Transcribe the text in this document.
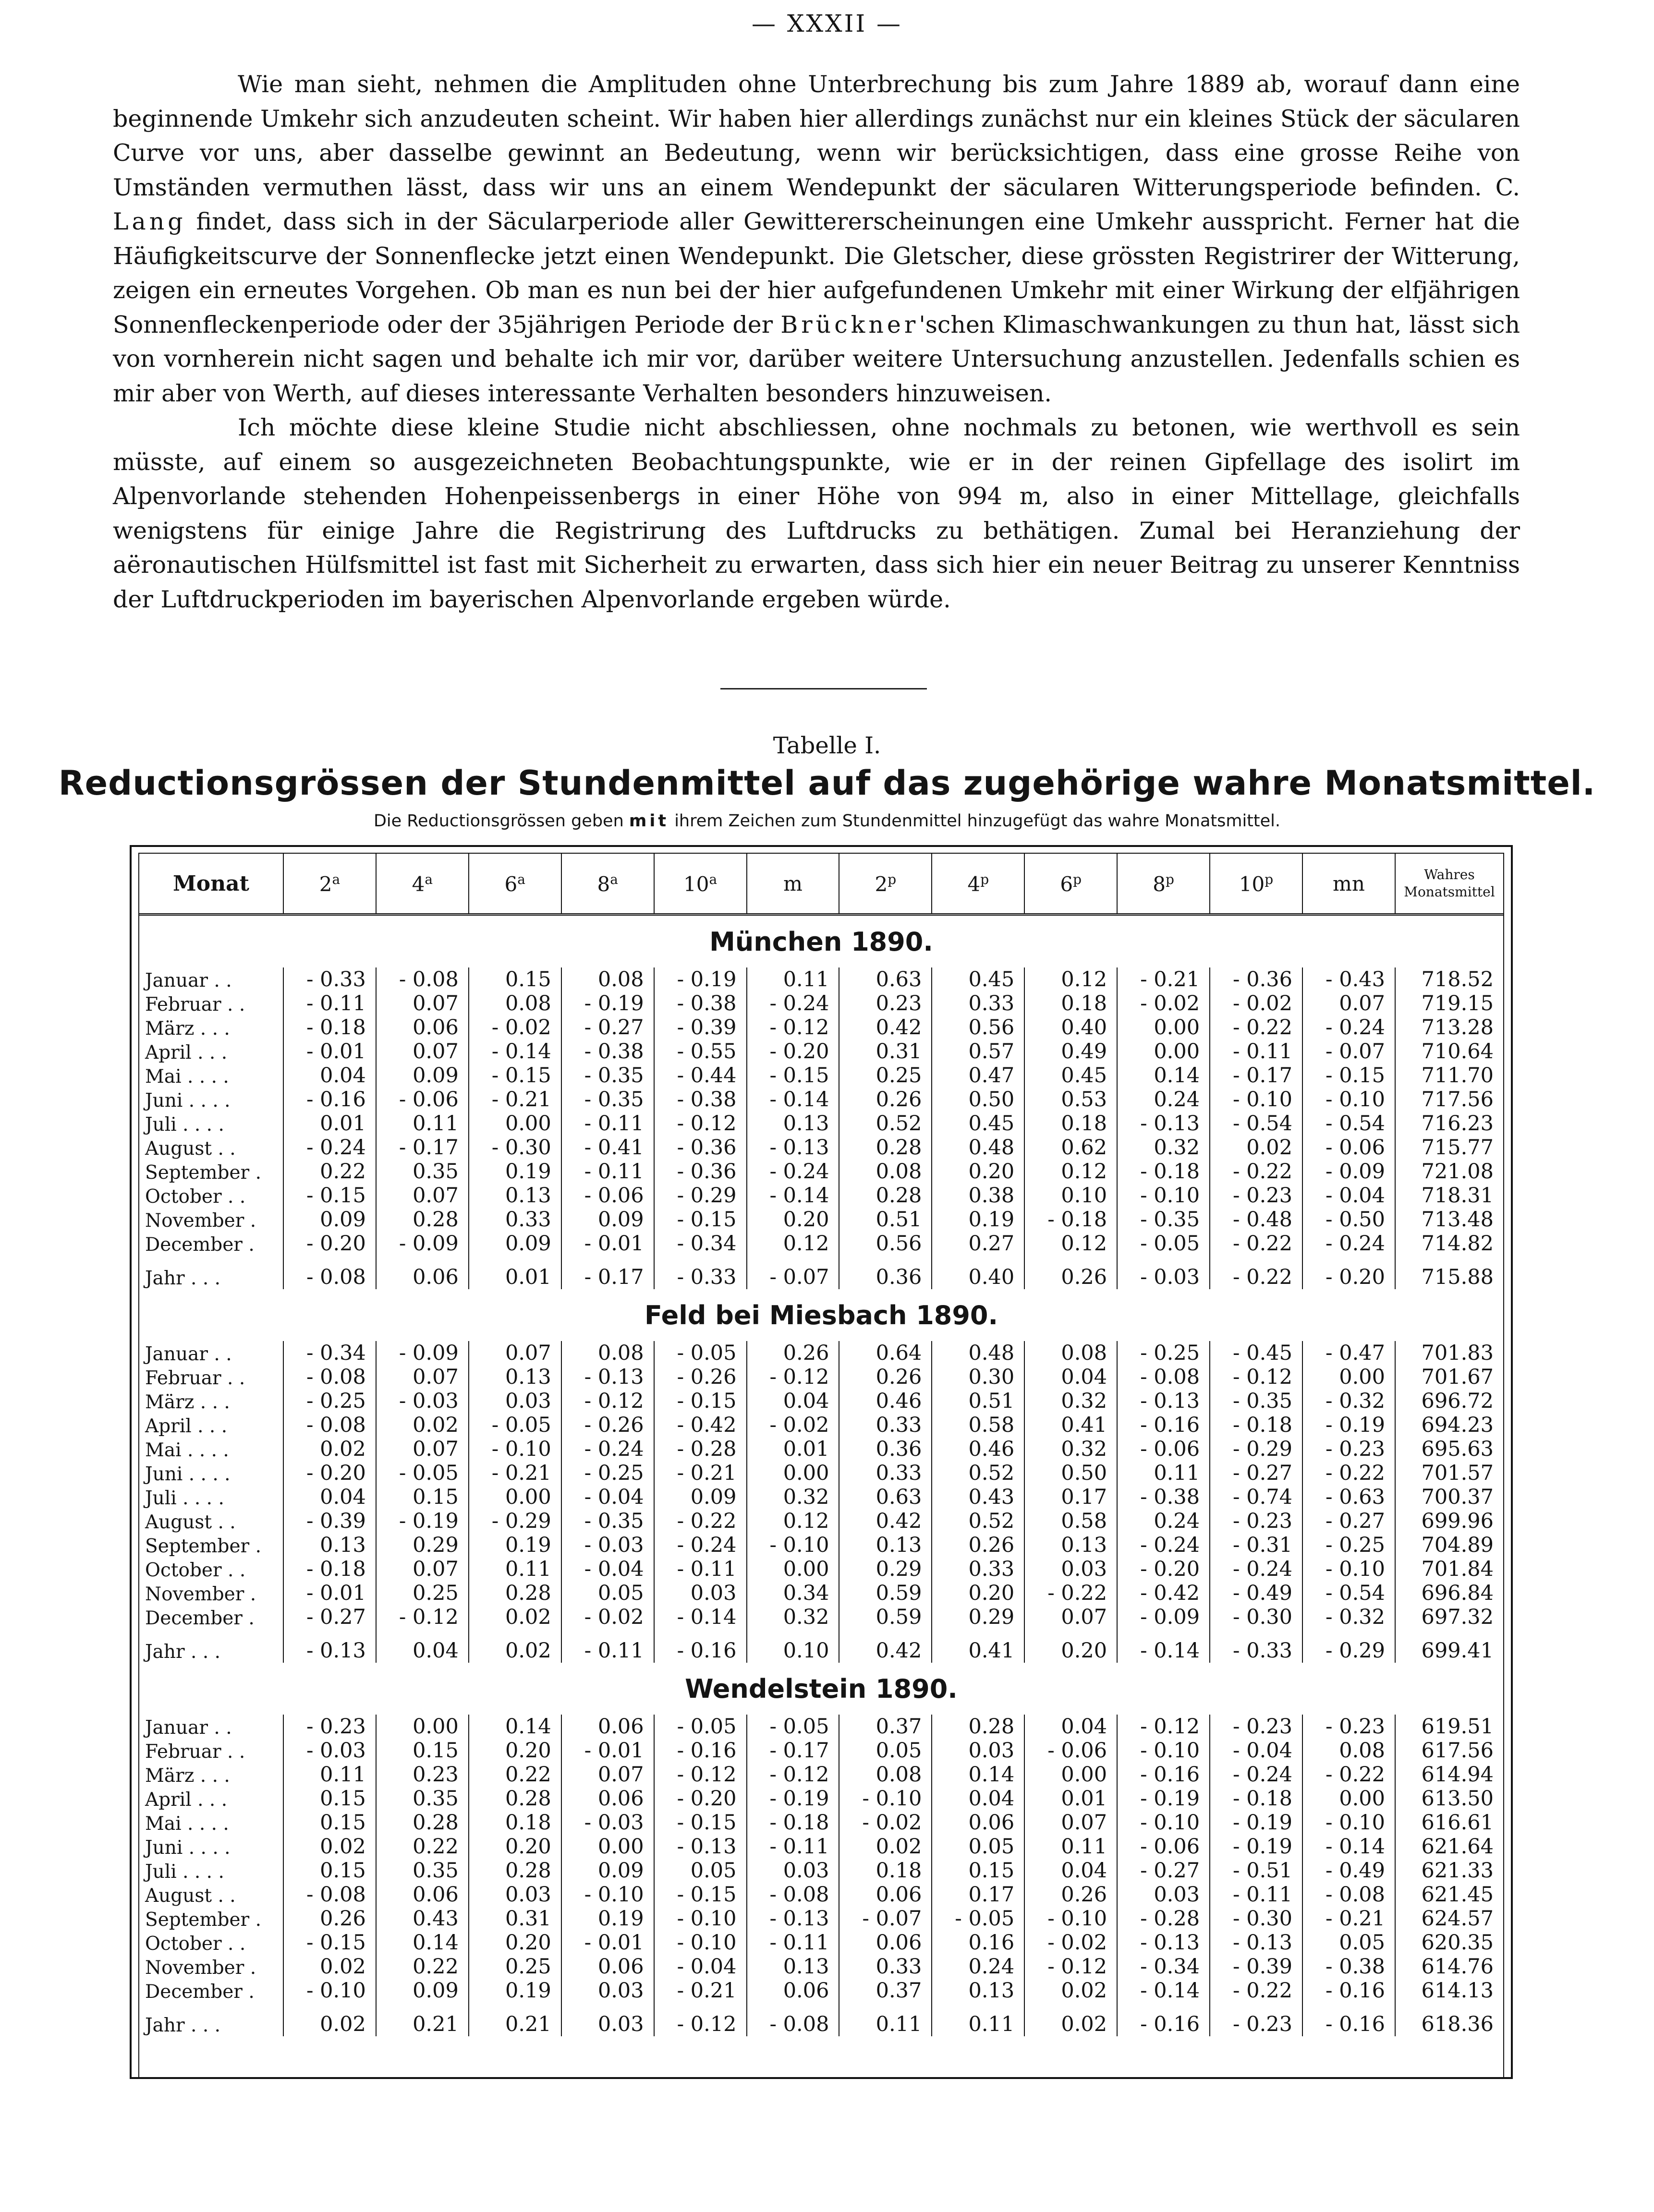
— XXXII —

Wie man sieht, nehmen die Amplituden ohne Unterbrechung bis zum Jahre 1889 ab, worauf dann eine beginnende Umkehr sich anzudeuten scheint. Wir haben hier allerdings zunächst nur ein kleines Stück der säcularen Curve vor uns, aber dasselbe gewinnt an Bedeutung, wenn wir berücksichtigen, dass eine grosse Reihe von Umständen vermuthen lässt, dass wir uns an einem Wendepunkt der säcularen Witterungsperiode befinden. C. Lang findet, dass sich in der Säcularperiode aller Gewittererscheinungen eine Umkehr ausspricht. Ferner hat die Häufigkeitscurve der Sonnenflecke jetzt einen Wendepunkt. Die Gletscher, diese grössten Registrirer der Witterung, zeigen ein erneutes Vorgehen. Ob man es nun bei der hier aufgefundenen Umkehr mit einer Wirkung der elfjährigen Sonnenfleckenperiode oder der 35jährigen Periode der Brückner'schen Klimaschwankungen zu thun hat, lässt sich von vornherein nicht sagen und behalte ich mir vor, darüber weitere Untersuchung anzustellen. Jedenfalls schien es mir aber von Werth, auf dieses interessante Verhalten besonders hinzuweisen.

Ich möchte diese kleine Studie nicht abschliessen, ohne nochmals zu betonen, wie werthvoll es sein müsste, auf einem so ausgezeichneten Beobachtungspunkte, wie er in der reinen Gipfellage des isolirt im Alpenvorlande stehenden Hohenpeissenbergs in einer Höhe von 994 m, also in einer Mittellage, gleichfalls wenigstens für einige Jahre die Registrirung des Luftdrucks zu bethätigen. Zumal bei Heranziehung der aëronautischen Hülfsmittel ist fast mit Sicherheit zu erwarten, dass sich hier ein neuer Beitrag zu unserer Kenntniss der Luftdruckperioden im bayerischen Alpenvorlande ergeben würde.

Tabelle I.
Reductionsgrössen der Stundenmittel auf das zugehörige wahre Monatsmittel.
Die Reductionsgrössen geben mit ihrem Zeichen zum Stundenmittel hinzugefügt das wahre Monatsmittel.
Monat	2$^a$	4$^a$	6$^a$	8$^a$	10$^a$	m	2$^p$	4$^p$	6$^p$	8$^p$	10$^p$	mn	Wahres
Monatsmittel

München 1890.													
Januar . .	- 0.33	- 0.08	0.15	0.08	- 0.19	0.11	0.63	0.45	0.12	- 0.21	- 0.36	- 0.43	718.52
Februar . .	- 0.11	0.07	0.08	- 0.19	- 0.38	- 0.24	0.23	0.33	0.18	- 0.02	- 0.02	0.07	719.15
März . . .	- 0.18	0.06	- 0.02	- 0.27	- 0.39	- 0.12	0.42	0.56	0.40	0.00	- 0.22	- 0.24	713.28
April . . .	- 0.01	0.07	- 0.14	- 0.38	- 0.55	- 0.20	0.31	0.57	0.49	0.00	- 0.11	- 0.07	710.64
Mai . . . .	0.04	0.09	- 0.15	- 0.35	- 0.44	- 0.15	0.25	0.47	0.45	0.14	- 0.17	- 0.15	711.70
Juni . . . .	- 0.16	- 0.06	- 0.21	- 0.35	- 0.38	- 0.14	0.26	0.50	0.53	0.24	- 0.10	- 0.10	717.56
Juli . . . .	0.01	0.11	0.00	- 0.11	- 0.12	0.13	0.52	0.45	0.18	- 0.13	- 0.54	- 0.54	716.23
August . .	- 0.24	- 0.17	- 0.30	- 0.41	- 0.36	- 0.13	0.28	0.48	0.62	0.32	0.02	- 0.06	715.77
September .	0.22	0.35	0.19	- 0.11	- 0.36	- 0.24	0.08	0.20	0.12	- 0.18	- 0.22	- 0.09	721.08
October . .	- 0.15	0.07	0.13	- 0.06	- 0.29	- 0.14	0.28	0.38	0.10	- 0.10	- 0.23	- 0.04	718.31
November .	0.09	0.28	0.33	0.09	- 0.15	0.20	0.51	0.19	- 0.18	- 0.35	- 0.48	- 0.50	713.48
December .	- 0.20	- 0.09	0.09	- 0.01	- 0.34	0.12	0.56	0.27	0.12	- 0.05	- 0.22	- 0.24	714.82
Jahr . . .	- 0.08	0.06	0.01	- 0.17	- 0.33	- 0.07	0.36	0.40	0.26	- 0.03	- 0.22	- 0.20	715.88
Feld bei Miesbach 1890.													
Januar . .	- 0.34	- 0.09	0.07	0.08	- 0.05	0.26	0.64	0.48	0.08	- 0.25	- 0.45	- 0.47	701.83
Februar . .	- 0.08	0.07	0.13	- 0.13	- 0.26	- 0.12	0.26	0.30	0.04	- 0.08	- 0.12	0.00	701.67
März . . .	- 0.25	- 0.03	0.03	- 0.12	- 0.15	0.04	0.46	0.51	0.32	- 0.13	- 0.35	- 0.32	696.72
April . . .	- 0.08	0.02	- 0.05	- 0.26	- 0.42	- 0.02	0.33	0.58	0.41	- 0.16	- 0.18	- 0.19	694.23
Mai . . . .	0.02	0.07	- 0.10	- 0.24	- 0.28	0.01	0.36	0.46	0.32	- 0.06	- 0.29	- 0.23	695.63
Juni . . . .	- 0.20	- 0.05	- 0.21	- 0.25	- 0.21	0.00	0.33	0.52	0.50	0.11	- 0.27	- 0.22	701.57
Juli . . . .	0.04	0.15	0.00	- 0.04	0.09	0.32	0.63	0.43	0.17	- 0.38	- 0.74	- 0.63	700.37
August . .	- 0.39	- 0.19	- 0.29	- 0.35	- 0.22	0.12	0.42	0.52	0.58	0.24	- 0.23	- 0.27	699.96
September .	0.13	0.29	0.19	- 0.03	- 0.24	- 0.10	0.13	0.26	0.13	- 0.24	- 0.31	- 0.25	704.89
October . .	- 0.18	0.07	0.11	- 0.04	- 0.11	0.00	0.29	0.33	0.03	- 0.20	- 0.24	- 0.10	701.84
November .	- 0.01	0.25	0.28	0.05	0.03	0.34	0.59	0.20	- 0.22	- 0.42	- 0.49	- 0.54	696.84
December .	- 0.27	- 0.12	0.02	- 0.02	- 0.14	0.32	0.59	0.29	0.07	- 0.09	- 0.30	- 0.32	697.32
Jahr . . .	- 0.13	0.04	0.02	- 0.11	- 0.16	0.10	0.42	0.41	0.20	- 0.14	- 0.33	- 0.29	699.41
Wendelstein 1890.													
Januar . .	- 0.23	0.00	0.14	0.06	- 0.05	- 0.05	0.37	0.28	0.04	- 0.12	- 0.23	- 0.23	619.51
Februar . .	- 0.03	0.15	0.20	- 0.01	- 0.16	- 0.17	0.05	0.03	- 0.06	- 0.10	- 0.04	0.08	617.56
März . . .	0.11	0.23	0.22	0.07	- 0.12	- 0.12	0.08	0.14	0.00	- 0.16	- 0.24	- 0.22	614.94
April . . .	0.15	0.35	0.28	0.06	- 0.20	- 0.19	- 0.10	0.04	0.01	- 0.19	- 0.18	0.00	613.50
Mai . . . .	0.15	0.28	0.18	- 0.03	- 0.15	- 0.18	- 0.02	0.06	0.07	- 0.10	- 0.19	- 0.10	616.61
Juni . . . .	0.02	0.22	0.20	0.00	- 0.13	- 0.11	0.02	0.05	0.11	- 0.06	- 0.19	- 0.14	621.64
Juli . . . .	0.15	0.35	0.28	0.09	0.05	0.03	0.18	0.15	0.04	- 0.27	- 0.51	- 0.49	621.33
August . .	- 0.08	0.06	0.03	- 0.10	- 0.15	- 0.08	0.06	0.17	0.26	0.03	- 0.11	- 0.08	621.45
September .	0.26	0.43	0.31	0.19	- 0.10	- 0.13	- 0.07	- 0.05	- 0.10	- 0.28	- 0.30	- 0.21	624.57
October . .	- 0.15	0.14	0.20	- 0.01	- 0.10	- 0.11	0.06	0.16	- 0.02	- 0.13	- 0.13	0.05	620.35
November .	0.02	0.22	0.25	0.06	- 0.04	0.13	0.33	0.24	- 0.12	- 0.34	- 0.39	- 0.38	614.76
December .	- 0.10	0.09	0.19	0.03	- 0.21	0.06	0.37	0.13	0.02	- 0.14	- 0.22	- 0.16	614.13
Jahr . . .	0.02	0.21	0.21	0.03	- 0.12	- 0.08	0.11	0.11	0.02	- 0.16	- 0.23	- 0.16	618.36
